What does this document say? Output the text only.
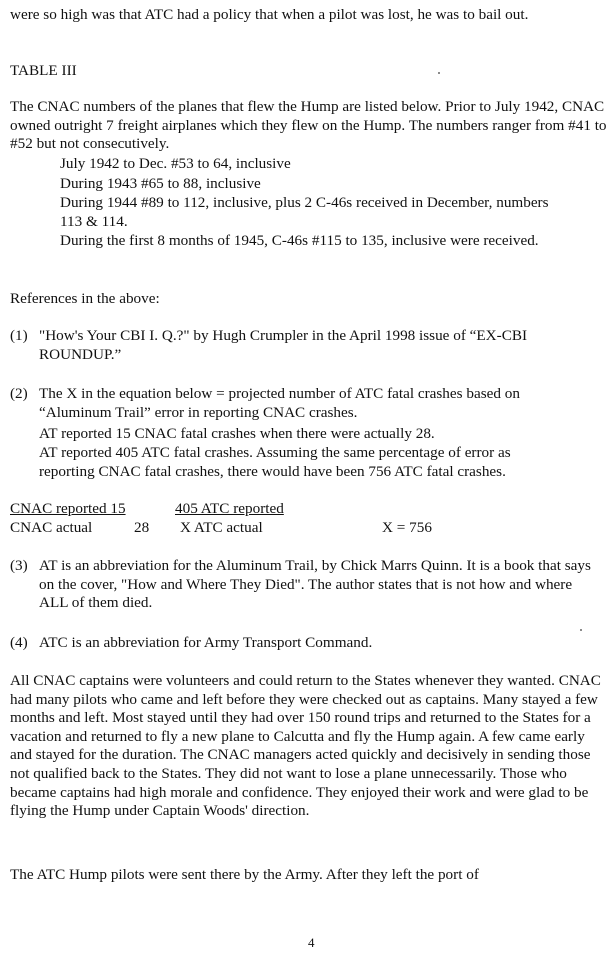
were so high was that ATC had a policy that when a pilot was lost, he was to bail out.
TABLE III
The CNAC numbers of the planes that flew the Hump are listed below. Prior to July 1942, CNAC owned outright 7 freight airplanes which they flew on the Hump. The numbers ranger from #41 to #52 but not consecutively.
July 1942 to Dec. #53 to 64, inclusive
During 1943 #65 to 88, inclusive
During 1944 #89 to 112, inclusive, plus 2 C-46s received in December, numbers
113 & 114.
During the first 8 months of 1945, C-46s #115 to 135, inclusive were received.
References in the above:
(1) "How's Your CBI I. Q.?" by Hugh Crumpler in the April 1998 issue of “EX-CBI ROUNDUP.”
(2) The X in the equation below = projected number of ATC fatal crashes based on “Aluminum Trail” error in reporting CNAC crashes.
AT reported 15 CNAC fatal crashes when there were actually 28.
AT reported 405 ATC fatal crashes. Assuming the same percentage of error as reporting CNAC fatal crashes, there would have been 756 ATC fatal crashes.
CNAC reported 15	405 ATC reported
CNAC actual	28 X ATC actual	X = 756
(3) AT is an abbreviation for the Aluminum Trail, by Chick Marrs Quinn. It is a book that says on the cover, "How and Where They Died". The author states that is not how and where ALL of them died.
(4) ATC is an abbreviation for Army Transport Command.
All CNAC captains were volunteers and could return to the States whenever they wanted. CNAC had many pilots who came and left before they were checked out as captains. Many stayed a few months and left. Most stayed until they had over 150 round trips and returned to the States for a vacation and returned to fly a new plane to Calcutta and fly the Hump again. A few came early and stayed for the duration. The CNAC managers acted quickly and decisively in sending those not qualified back to the States. They did not want to lose a plane unnecessarily. Those who became captains had high morale and confidence. They enjoyed their work and were glad to be flying the Hump under Captain Woods' direction.
The ATC Hump pilots were sent there by the Army. After they left the port of
4
